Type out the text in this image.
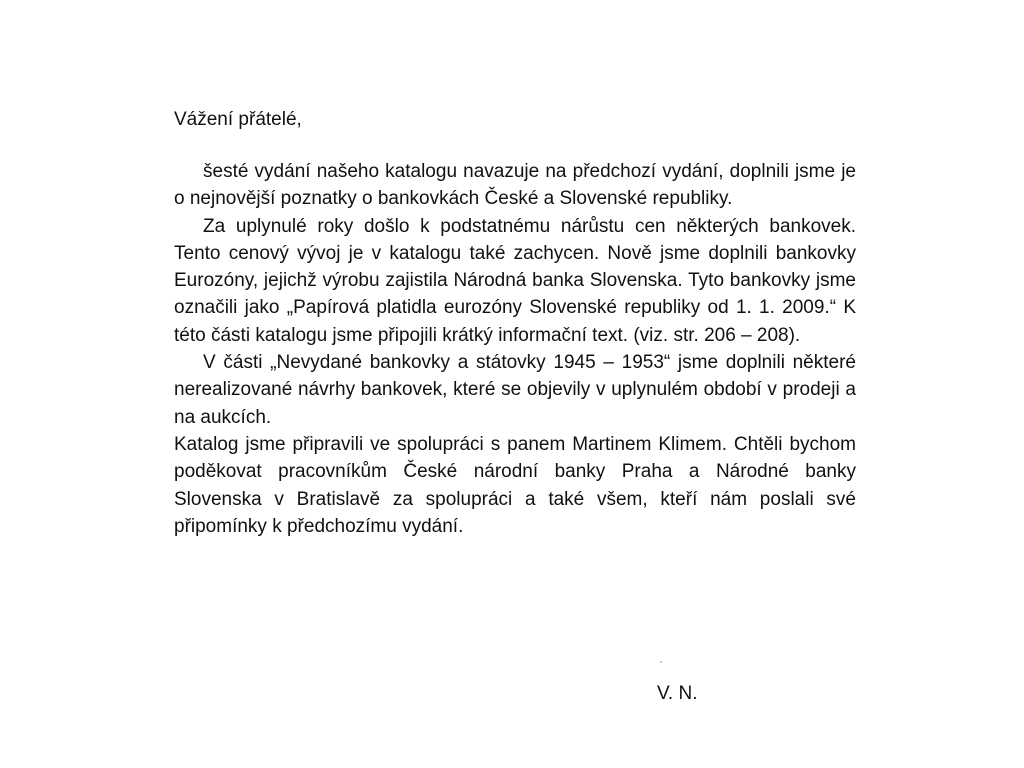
Vážení přátelé,

šesté vydání našeho katalogu navazuje na předchozí vydání, doplnili jsme je o nejnovější poznatky o bankovkách České a Slovenské republiky.

Za uplynulé roky došlo k podstatnému nárůstu cen některých bankovek. Tento cenový vývoj je v katalogu také zachycen. Nově jsme doplnili bankovky Eurozóny, jejichž výrobu zajistila Národná banka Slovenska. Tyto bankovky jsme označili jako „Papírová platidla eurozóny Slovenské republiky od 1. 1. 2009.“ K této části katalogu jsme připojili krátký informační text. (viz. str. 206 – 208).

V části „Nevydané bankovky a státovky 1945 – 1953“ jsme doplnili některé nerealizované návrhy bankovek, které se objevily v uplynulém období v prodeji a na aukcích.

Katalog jsme připravili ve spolupráci s panem Martinem Klimem. Chtěli bychom poděkovat pracovníkům České národní banky Praha a Národné banky Slovenska v Bratislavě za spolupráci a také všem, kteří nám poslali své připomínky k předchozímu vydání.

V. N.
